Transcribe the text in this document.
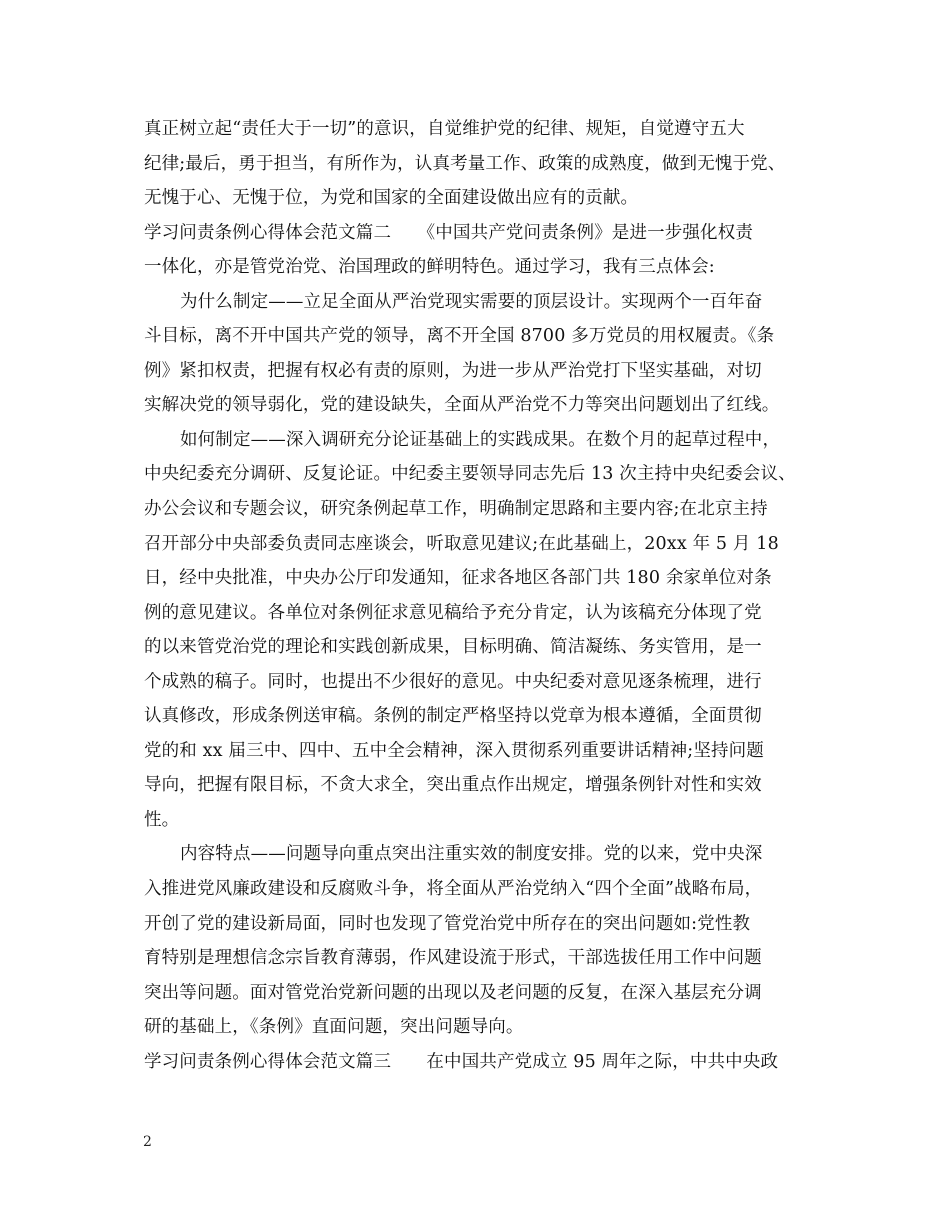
真正树立起“责任大于一切”的意识，自觉维护党的纪律、规矩，自觉遵守五大
纪律;最后，勇于担当，有所作为，认真考量工作、政策的成熟度，做到无愧于党、
无愧于心、无愧于位，为党和国家的全面建设做出应有的贡献。
学习问责条例心得体会范文篇二　　《中国共产党问责条例》是进一步强化权责
一体化，亦是管党治党、治国理政的鲜明特色。通过学习，我有三点体会:
为什么制定——立足全面从严治党现实需要的顶层设计。实现两个一百年奋
斗目标，离不开中国共产党的领导，离不开全国 8700 多万党员的用权履责。《条
例》紧扣权责，把握有权必有责的原则，为进一步从严治党打下坚实基础，对切
实解决党的领导弱化，党的建设缺失，全面从严治党不力等突出问题划出了红线。
如何制定——深入调研充分论证基础上的实践成果。在数个月的起草过程中，
中央纪委充分调研、反复论证。中纪委主要领导同志先后 13 次主持中央纪委会议、
办公会议和专题会议，研究条例起草工作，明确制定思路和主要内容;在北京主持
召开部分中央部委负责同志座谈会，听取意见建议;在此基础上，20xx 年 5 月 18
日，经中央批准，中央办公厅印发通知，征求各地区各部门共 180 余家单位对条
例的意见建议。各单位对条例征求意见稿给予充分肯定，认为该稿充分体现了党
的以来管党治党的理论和实践创新成果，目标明确、简洁凝练、务实管用，是一
个成熟的稿子。同时，也提出不少很好的意见。中央纪委对意见逐条梳理，进行
认真修改，形成条例送审稿。条例的制定严格坚持以党章为根本遵循，全面贯彻
党的和 xx 届三中、四中、五中全会精神，深入贯彻系列重要讲话精神;坚持问题
导向，把握有限目标，不贪大求全，突出重点作出规定，增强条例针对性和实效
性。
内容特点——问题导向重点突出注重实效的制度安排。党的以来，党中央深
入推进党风廉政建设和反腐败斗争，将全面从严治党纳入“四个全面”战略布局，
开创了党的建设新局面，同时也发现了管党治党中所存在的突出问题如:党性教
育特别是理想信念宗旨教育薄弱，作风建设流于形式，干部选拔任用工作中问题
突出等问题。面对管党治党新问题的出现以及老问题的反复，在深入基层充分调
研的基础上，《条例》直面问题，突出问题导向。
学习问责条例心得体会范文篇三　　在中国共产党成立 95 周年之际，中共中央政
2
